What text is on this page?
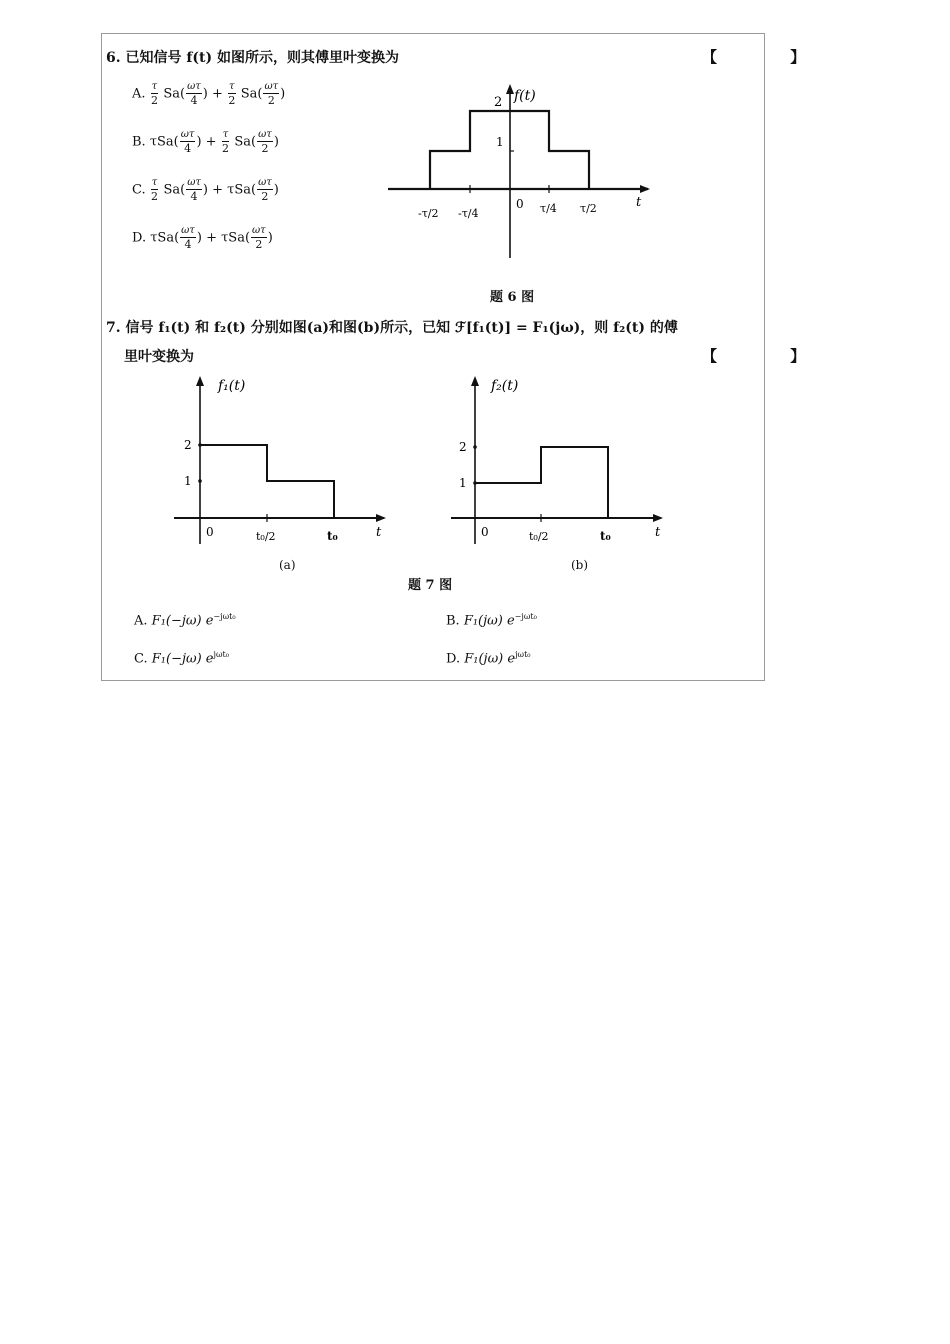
6. 已知信号 f(t) 如图所示，则其傅里叶变换为	【 】
A. $\frac{\tau}{2} Sa( \frac{\omega\tau}{4}$ ) + $\frac{\tau}{2} Sa( \frac{\omega\tau}{2}$ )
B. $\tau Sa( \frac{\omega\tau}{4}$ ) + $\frac{\tau}{2} Sa( \frac{\omega\tau}{2}$ )
C. $\frac{\tau}{2} Sa( \frac{\omega\tau}{4}$ ) + $\tau Sa( \frac{\omega\tau}{2}$ )
D. $\tau Sa( \frac{\omega\tau}{4}$ ) + $\tau Sa( \frac{\omega\tau}{2}$ )
2
1
f(t)
t
0
-τ/2 -τ/4	τ/4 τ/2
题 6 图
7. 信号 f₁(t) 和 f₂(t) 分别如图(a)和图(b)所示，已知 ℱ[f₁(t)] = F₁(jω)，则 f₂(t) 的傅
里叶变换为	【 】
f₁(t)
2
1
0	t₀/2	t₀	t
(a)
f₂(t)
2
1
0	t₀/2	t₀	t
(b)
题 7 图
A. F₁(−jω) $e^{-j\omega t_0}$	B. F₁(jω) $e^{-j\omega t_0}$
C. F₁(−jω) $e^{j\omega t_0}$	D. F₁(jω) $e^{j\omega t_0}$
